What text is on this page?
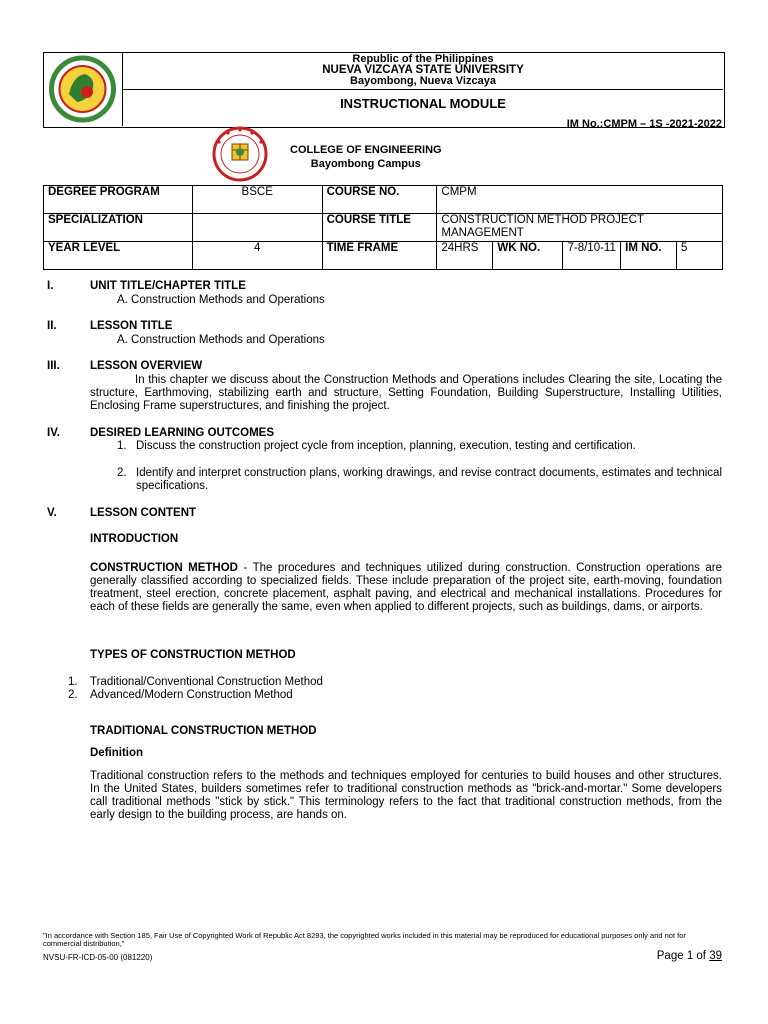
Republic of the Philippines
NUEVA VIZCAYA STATE UNIVERSITY
Bayombong, Nueva Vizcaya
INSTRUCTIONAL MODULE
IM No.:CMPM – 1S -2021-2022
COLLEGE OF ENGINEERING
Bayombong Campus
DEGREE PROGRAM	BSCE	COURSE NO.	CMPM				
SPECIALIZATION		COURSE TITLE	CONSTRUCTION METHOD PROJECT MANAGEMENT				
YEAR LEVEL	4	TIME FRAME	24HRS	WK NO.	7-8/10-11	IM NO.	5
I.	UNIT TITLE/CHAPTER TITLE
A. Construction Methods and Operations
II.	LESSON TITLE
A. Construction Methods and Operations
III.	LESSON OVERVIEW
In this chapter we discuss about the Construction Methods and Operations includes Clearing the site, Locating the structure, Earthmoving, stabilizing earth and structure, Setting Foundation, Building Superstructure, Installing Utilities, Enclosing Frame superstructures, and finishing the project.
IV.	DESIRED LEARNING OUTCOMES
1. Discuss the construction project cycle from inception, planning, execution, testing and certification.
2. Identify and interpret construction plans, working drawings, and revise contract documents, estimates and technical specifications.
V.	LESSON CONTENT
INTRODUCTION
CONSTRUCTION METHOD - The procedures and techniques utilized during construction. Construction operations are generally classified according to specialized fields. These include preparation of the project site, earth-moving, foundation treatment, steel erection, concrete placement, asphalt paving, and electrical and mechanical installations. Procedures for each of these fields are generally the same, even when applied to different projects, such as buildings, dams, or airports.
TYPES OF CONSTRUCTION METHOD
1. Traditional/Conventional Construction Method
2. Advanced/Modern Construction Method
TRADITIONAL CONSTRUCTION METHOD
Definition
Traditional construction refers to the methods and techniques employed for centuries to build houses and other structures. In the United States, builders sometimes refer to traditional construction methods as "brick-and-mortar." Some developers call traditional methods "stick by stick." This terminology refers to the fact that traditional construction methods, from the early design to the building process, are hands on.
"In accordance with Section 185, Fair Use of Copyrighted Work of Republic Act 8293, the copyrighted works included in this material may be reproduced for educational purposes only and not for commercial distribution,"
NVSU-FR-ICD-05-00 (081220)	Page 1 of 39
